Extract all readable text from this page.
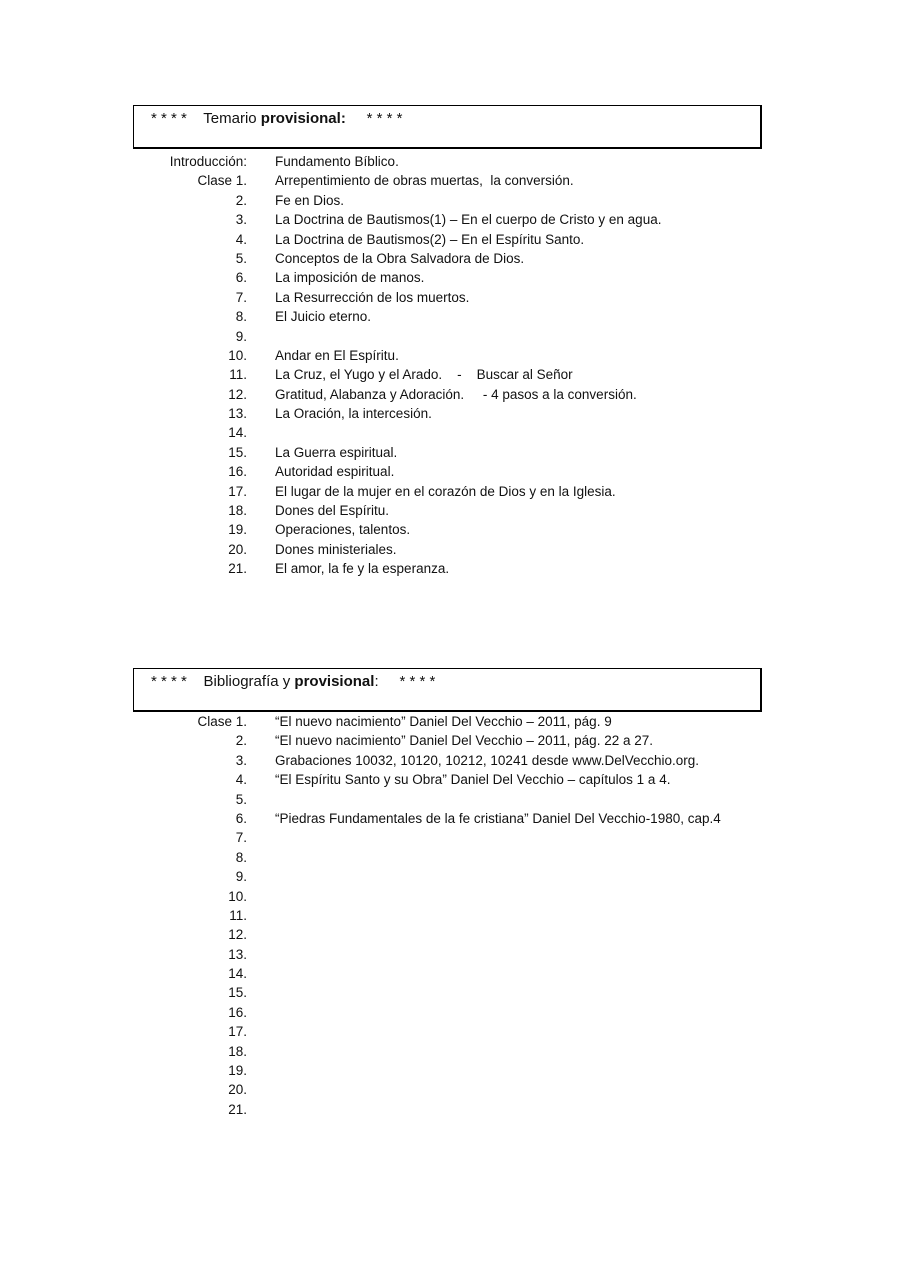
* * * * Temario provisional: * * * *
Introducción: Fundamento Bíblico.
Clase 1. Arrepentimiento de obras muertas,  la conversión.
2. Fe en Dios.
3. La Doctrina de Bautismos(1) – En el cuerpo de Cristo y en agua.
4. La Doctrina de Bautismos(2) – En el Espíritu Santo.
5. Conceptos de la Obra Salvadora de Dios.
6. La imposición de manos.
7. La Resurrección de los muertos.
8. El Juicio eterno.
9.
10. Andar en El Espíritu.
11. La Cruz, el Yugo y el Arado.    -    Buscar al Señor
12. Gratitud, Alabanza y Adoración.     - 4 pasos a la conversión.
13. La Oración, la intercesión.
14.
15. La Guerra espiritual.
16. Autoridad espiritual.
17. El lugar de la mujer en el corazón de Dios y en la Iglesia.
18. Dones del Espíritu.
19. Operaciones, talentos.
20. Dones ministeriales.
21. El amor, la fe y la esperanza.
* * * * Bibliografía y provisional: * * * *
Clase 1. “El nuevo nacimiento” Daniel Del Vecchio – 2011, pág. 9
2. “El nuevo nacimiento” Daniel Del Vecchio – 2011, pág. 22 a 27.
3. Grabaciones 10032, 10120, 10212, 10241 desde www.DelVecchio.org.
4. “El Espíritu Santo y su Obra” Daniel Del Vecchio – capítulos 1 a 4.
5.
6. “Piedras Fundamentales de la fe cristiana” Daniel Del Vecchio-1980, cap.4
7.
8.
9.
10.
11.
12.
13.
14.
15.
16.
17.
18.
19.
20.
21.
